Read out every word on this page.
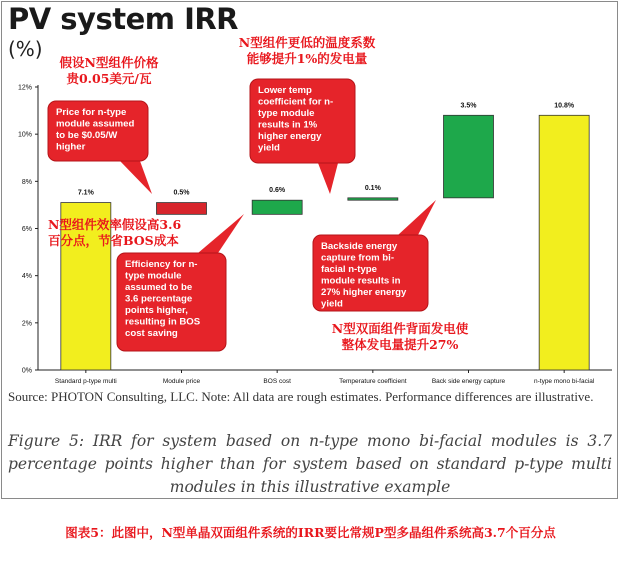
PV system IRR
(%)
0%
2%
4%
6%
8%
10%
12%
7.1%
Standard p-type multi
0.5%
Module price
0.6%
BOS cost
0.1%
Temperature coefficient
3.5%
Back side energy capture
10.8%
n-type mono bi-facial
Price for n-type
module assumed
to be $0.05/W
higher
Lower temp
coefficient for n-
type module
results in 1%
higher energy
yield
Efficiency for n-
type module
assumed to be
3.6 percentage
points higher,
resulting in BOS
cost saving
Backside energy
capture from bi-
facial n-type
module results in
27% higher energy
yield
假设N型组件价格
贵0.05美元/瓦
N型组件更低的温度系数
能够提升1%的发电量
N型组件效率假设高3.6
百分点，节省BOS成本
N型双面组件背面发电使
整体发电量提升27%
Source: PHOTON Consulting, LLC. Note: All data are rough estimates. Performance differences are illustrative.
Figure 5: IRR for system based on n-type mono bi-facial modules is 3.7 percentage points higher than for system based on standard p-type multi modules in this illustrative example
图表5：此图中，N型单晶双面组件系统的IRR要比常规P型多晶组件系统高3.7个百分点
